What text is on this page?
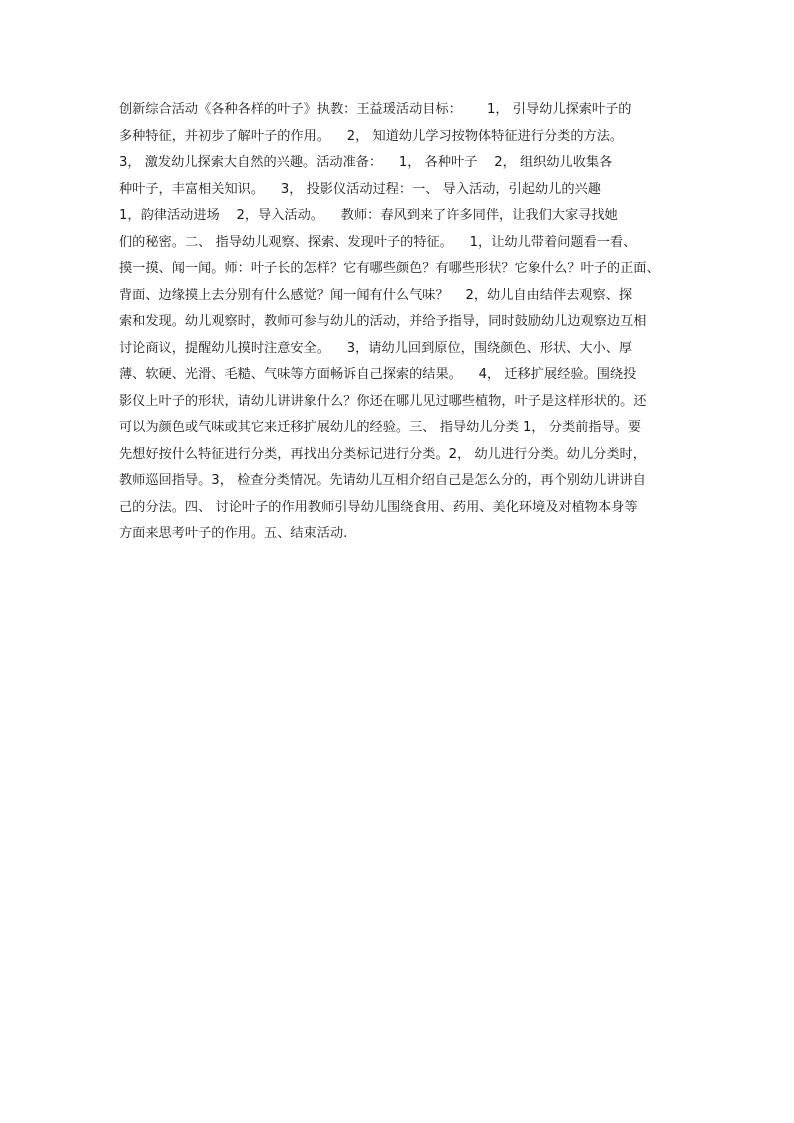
创新综合活动《各种各样的叶子》执教：王益瑗活动目标：      1， 引导幼儿探索叶子的
多种特征，并初步了解叶子的作用。    2， 知道幼儿学习按物体特征进行分类的方法。
3， 激发幼儿探索大自然的兴趣。活动准备：    1， 各种叶子    2， 组织幼儿收集各
种叶子，丰富相关知识。    3， 投影仪活动过程：一、 导入活动，引起幼儿的兴趣
1，韵律活动进场    2，导入活动。    教师：春风到来了许多同伴，让我们大家寻找她
们的秘密。二、 指导幼儿观察、探索、发现叶子的特征。    1，让幼儿带着问题看一看、
摸一摸、闻一闻。师：叶子长的怎样？它有哪些颜色？有哪些形状？它象什么？叶子的正面、
背面、边缘摸上去分别有什么感觉？闻一闻有什么气味？    2，幼儿自由结伴去观察、探
索和发现。幼儿观察时，教师可参与幼儿的活动，并给予指导，同时鼓励幼儿边观察边互相
讨论商议，提醒幼儿摸时注意安全。    3，请幼儿回到原位，围绕颜色、形状、大小、厚
薄、软硬、光滑、毛糙、气味等方面畅诉自己探索的结果。    4， 迁移扩展经验。围绕投
影仪上叶子的形状，请幼儿讲讲象什么？你还在哪儿见过哪些植物，叶子是这样形状的。还
可以为颜色或气味或其它来迁移扩展幼儿的经验。三、 指导幼儿分类 1， 分类前指导。要
先想好按什么特征进行分类，再找出分类标记进行分类。2， 幼儿进行分类。幼儿分类时，
教师巡回指导。3， 检查分类情况。先请幼儿互相介绍自己是怎么分的，再个别幼儿讲讲自
己的分法。四、 讨论叶子的作用教师引导幼儿围绕食用、药用、美化环境及对植物本身等
方面来思考叶子的作用。五、结束活动.
